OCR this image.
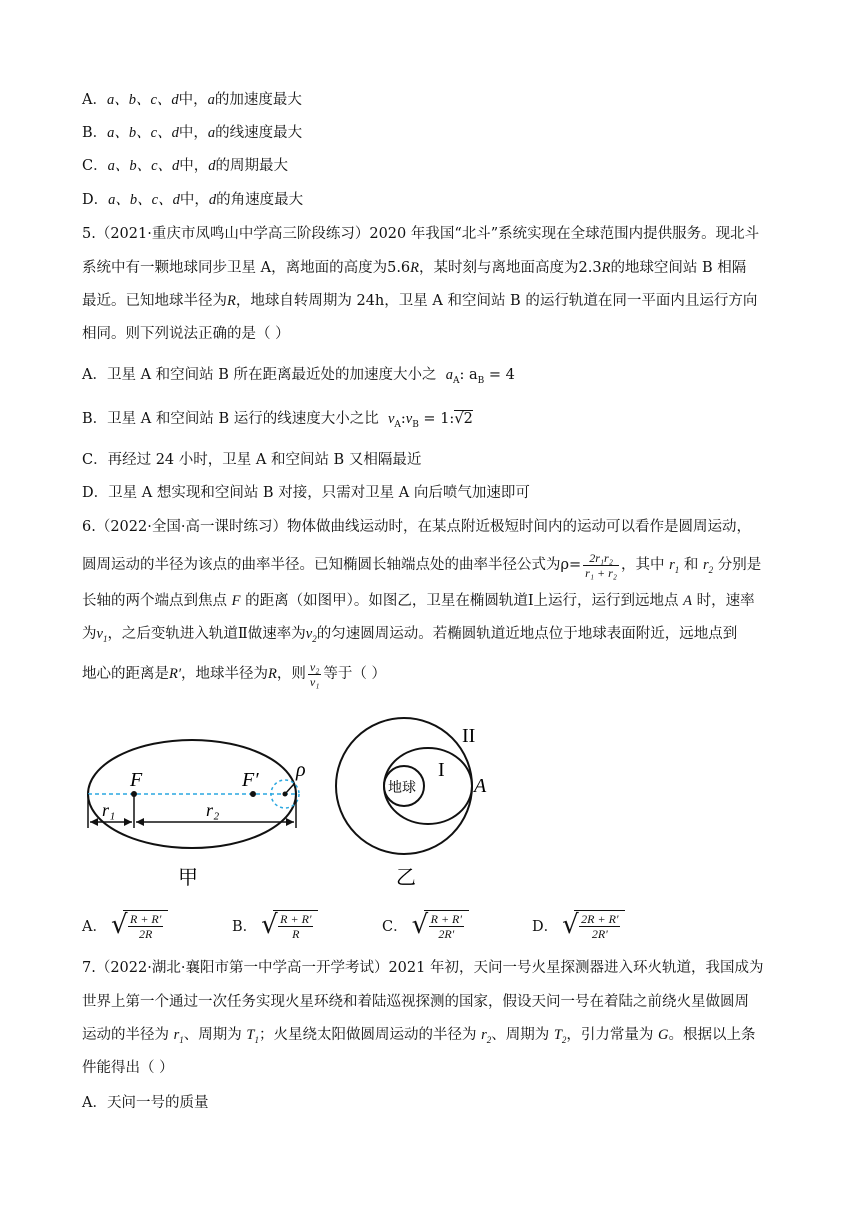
A．a、b、c、d中，a的加速度最大
B．a、b、c、d中，a的线速度最大
C．a、b、c、d中，d的周期最大
D．a、b、c、d中，d的角速度最大
5.（2021·重庆市凤鸣山中学高三阶段练习）2020 年我国“北斗”系统实现在全球范围内提供服务。现北斗
系统中有一颗地球同步卫星 A，离地面的高度为5.6R，某时刻与离地面高度为2.3R的地球空间站 B 相隔
最近。已知地球半径为R，地球自转周期为 24h，卫星 A 和空间站 B 的运行轨道在同一平面内且运行方向
相同。则下列说法正确的是（ ）
A．卫星 A 和空间站 B 所在距离最近处的加速度大小之 $a_A$: $a_B = 4$
B．卫星 A 和空间站 B 运行的线速度大小之比 $v_A:v_B$ = 1:√2
C．再经过 24 小时，卫星 A 和空间站 B 又相隔最近
D．卫星 A 想实现和空间站 B 对接，只需对卫星 A 向后喷气加速即可
6.（2022·全国·高一课时练习）物体做曲线运动时，在某点附近极短时间内的运动可以看作是圆周运动，
圆周运动的半径为该点的曲率半径。已知椭圆长轴端点处的曲率半径公式为$\rho= \frac{\text{2r₁r₂}}{\text{r₁ + r₂}}$ ，其中 $r_1$ 和 $r_2$ 分别是
长轴的两个端点到焦点 F 的距离（如图甲）。如图乙，卫星在椭圆轨道Ⅰ上运行，运行到远地点 A 时，速率
为$v_1$，之后变轨进入轨道Ⅱ做速率为$v_2$的匀速圆周运动。若椭圆轨道近地点位于地球表面附近，远地点到
地心的距离是R′，地球半径为R，则 $\frac{\text{v₂}}{\text{v₁}}$ 等于（ ）
F	F′ ρ
r₁	r₂
甲
地球
I
II
A
乙
A． √ $\frac{R + R'}{2R}$	B． √ $\frac{R + R'}{R}$	C． √ $\frac{R + R'}{2R'}$	D． √ $\frac{2R + R'}{2R'}$
7.（2022·湖北·襄阳市第一中学高一开学考试）2021 年初，天问一号火星探测器进入环火轨道，我国成为
世界上第一个通过一次任务实现火星环绕和着陆巡视探测的国家，假设天问一号在着陆之前绕火星做圆周
运动的半径为 $r_1$、周期为 $T_1$；火星绕太阳做圆周运动的半径为 $r_2$、周期为 $T_2$，引力常量为 G。根据以上条
件能得出（ ）
A．天问一号的质量
